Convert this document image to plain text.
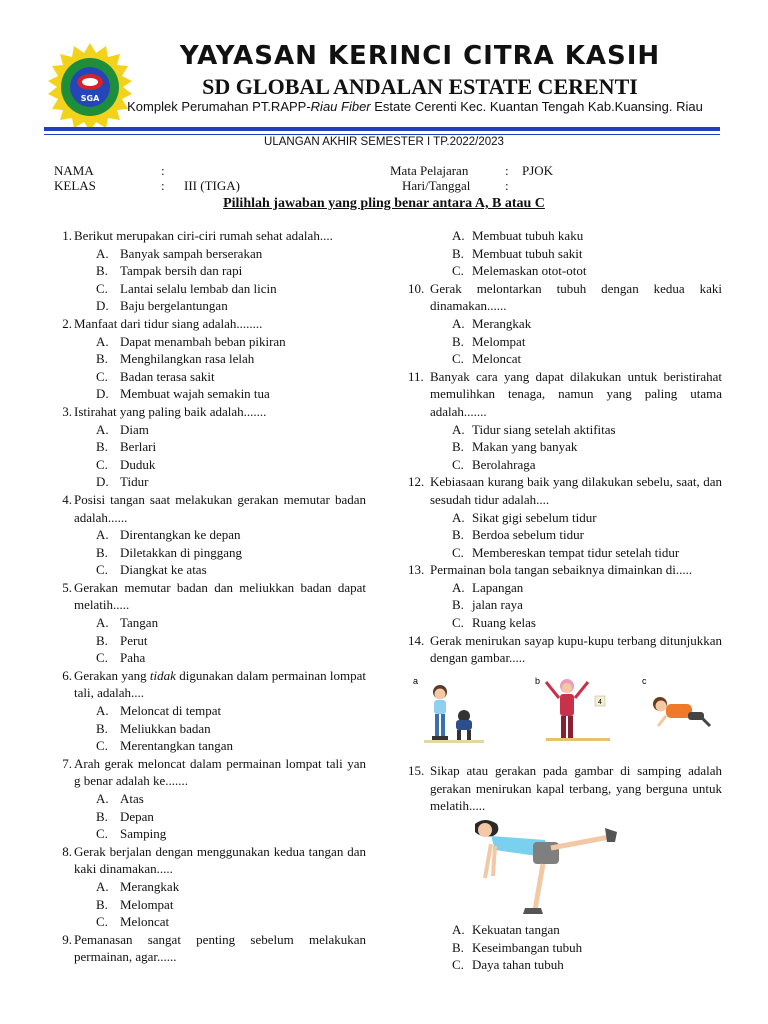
SGA
YAYASAN KERINCI CITRA KASIH
SD GLOBAL ANDALAN ESTATE CERENTI
Komplek Perumahan PT.RAPP-Riau Fiber Estate Cerenti Kec. Kuantan Tengah Kab.Kuansing. Riau
ULANGAN AKHIR SEMESTER I TP.2022/2023
NAMA	:
KELAS	: III (TIGA)
Mata Pelajaran	: PJOK
Hari/Tanggal	:
Pilihlah jawaban yang pling benar antara A, B atau C
1. Berikut merupakan ciri-ciri rumah sehat adalah....
A. Banyak sampah berserakan
B. Tampak bersih dan rapi
C. Lantai selalu lembab dan licin
D. Baju bergelantungan
2. Manfaat dari tidur siang adalah........
A. Dapat menambah beban pikiran
B. Menghilangkan rasa lelah
C. Badan terasa sakit
D. Membuat wajah semakin tua
3. Istirahat yang paling baik adalah.......
A. Diam
B. Berlari
C. Duduk
D. Tidur
4. Posisi tangan saat melakukan gerakan memutar badan adalah......
A. Direntangkan ke depan
B. Diletakkan di pinggang
C. Diangkat ke atas
5. Gerakan memutar badan dan meliukkan badan dapat melatih.....
A. Tangan
B. Perut
C. Paha
6. Gerakan yang tidak digunakan dalam permainan lompat tali, adalah....
A. Meloncat di tempat
B. Meliukkan badan
C. Merentangkan tangan
7. Arah gerak meloncat dalam permainan lompat tali yan g benar adalah ke.......
A. Atas
B. Depan
C. Samping
8. Gerak berjalan dengan menggunakan kedua tangan dan kaki dinamakan.....
A. Merangkak
B. Melompat
C. Meloncat
9. Pemanasan sangat penting sebelum melakukan permainan, agar......
A. Membuat tubuh kaku
B. Membuat tubuh sakit
C. Melemaskan otot-otot
10. Gerak melontarkan tubuh dengan kedua kaki dinamakan......
A. Merangkak
B. Melompat
C. Meloncat
11. Banyak cara yang dapat dilakukan untuk beristirahat memulihkan tenaga, namun yang paling utama adalah.......
A. Tidur siang setelah aktifitas
B. Makan yang banyak
C. Berolahraga
12. Kebiasaan kurang baik yang dilakukan sebelu, saat, dan sesudah tidur adalah....
A. Sikat gigi sebelum tidur
B. Berdoa sebelum tidur
C. Membereskan tempat tidur setelah tidur
13. Permainan bola tangan sebaiknya dimainkan di.....
A. Lapangan
B. jalan raya
C. Ruang kelas
14. Gerak menirukan sayap kupu-kupu terbang ditunjukkan dengan gambar.....
a	b
4
c
15. Sikap atau gerakan pada gambar di samping adalah gerakan menirukan kapal terbang, yang berguna untuk melatih.....
A. Kekuatan tangan
B. Keseimbangan tubuh
C. Daya tahan tubuh
